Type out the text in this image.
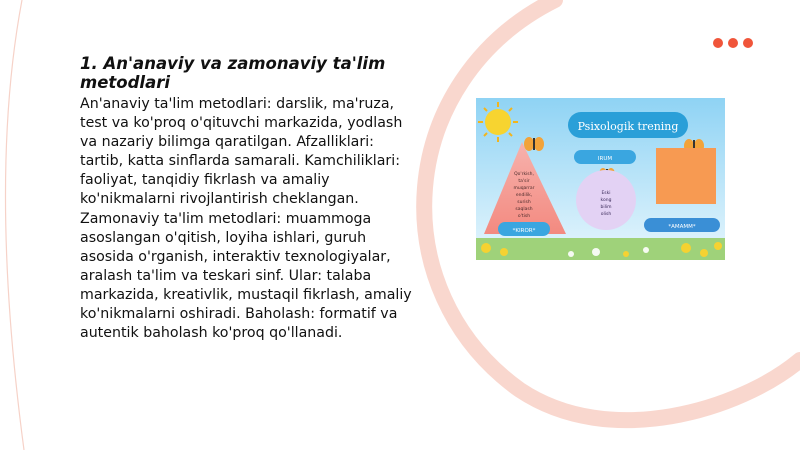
1. An'anaviy va zamonaviy ta'lim metodlari

An'anaviy ta'lim metodlari: darslik, ma'ruza, test va ko'proq o'qituvchi markazida, yodlash va nazariy bilimga qaratilgan. Afzalliklari: tartib, katta sinflarda samarali. Kamchiliklari: faoliyat, tanqidiy fikrlash va amaliy ko'nikmalarni rivojlantirish cheklangan. Zamonaviy ta'lim metodlari: muammoga asoslangan o'qitish, loyiha ishlari, guruh asosida o'rganish, interaktiv texnologiyalar, aralash ta'lim va teskari sinf. Ular: talaba markazida, kreativlik, mustaqil fikrlash, amaliy ko'nikmalarni oshiradi. Baholash: formatif va autentik baholash ko'proq qo'llanadi.

Psixologik trening
Qo'rkish,
ta'sir
muqarrar
endilik,
surish
saqlash
o'tish
IRUM
Eski
kong
bilim
olish
*KIROR*
*AMAMM*
